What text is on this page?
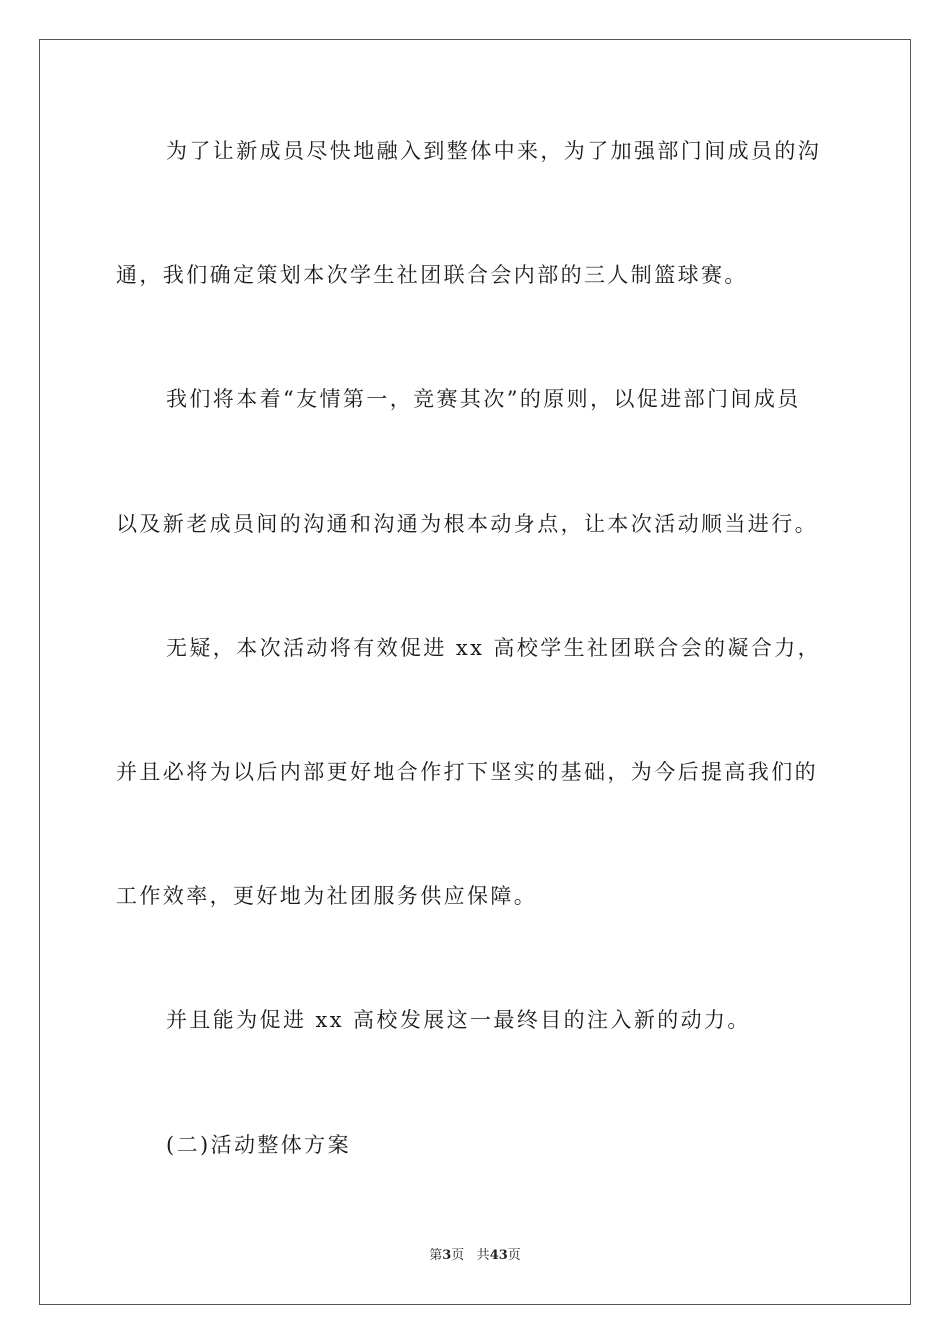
为了让新成员尽快地融入到整体中来，为了加强部门间成员的沟
通，我们确定策划本次学生社团联合会内部的三人制篮球赛。
我们将本着“友情第一，竞赛其次”的原则，以促进部门间成员
以及新老成员间的沟通和沟通为根本动身点，让本次活动顺当进行。
无疑，本次活动将有效促进 xx 高校学生社团联合会的凝合力，
并且必将为以后内部更好地合作打下坚实的基础，为今后提高我们的
工作效率，更好地为社团服务供应保障。
并且能为促进 xx 高校发展这一最终目的注入新的动力。
(二)活动整体方案
第3页 共43页
